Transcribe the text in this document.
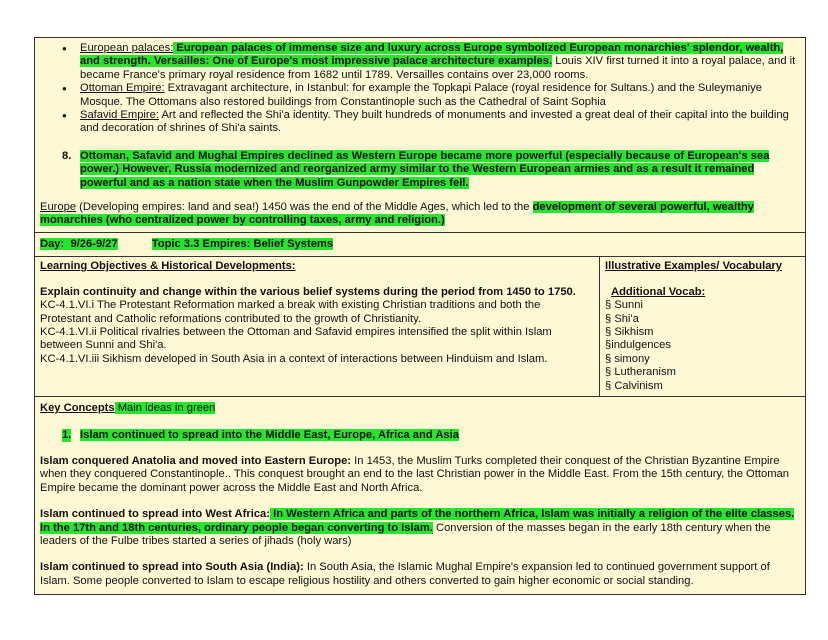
● European palaces: European palaces of immense size and luxury across Europe symbolized European monarchies' splendor, wealth, and strength. Versailles: One of Europe's most impressive palace architecture examples. Louis XIV first turned it into a royal palace, and it became France's primary royal residence from 1682 until 1789. Versailles contains over 23,000 rooms.
● Ottoman Empire: Extravagant architecture, in Istanbul: for example the Topkapi Palace (royal residence for Sultans.) and the Suleymaniye Mosque. The Ottomans also restored buildings from Constantinople such as the Cathedral of Saint Sophia
● Safavid Empire: Art and reflected the Shi'a identity. They built hundreds of monuments and invested a great deal of their capital into the building and decoration of shrines of Shi'a saints.
8. Ottoman, Safavid and Mughal Empires declined as Western Europe became more powerful (especially because of European's sea power.) However, Russia modernized and reorganized army similar to the Western European armies and as a result it remained powerful and as a nation state when the Muslim Gunpowder Empires fell.

Europe (Developing empires: land and sea!) 1450 was the end of the Middle Ages, which led to the development of several powerful, wealthy monarchies (who centralized power by controlling taxes, army and religion.)

Day:  9/26-9/27	Topic 3.3 Empires: Belief Systems

Learning Objectives & Historical Developments:

Explain continuity and change within the various belief systems during the period from 1450 to 1750.

KC-4.1.VI.i The Protestant Reformation marked a break with existing Christian traditions and both the Protestant and Catholic reformations contributed to the growth of Christianity.

KC-4.1.VI.ii Political rivalries between the Ottoman and Safavid empires intensified the split within Islam between Sunni and Shi'a.

KC-4.1.VI.iii Sikhism developed in South Asia in a context of interactions between Hinduism and Islam.

Illustrative Examples/ Vocabulary

Additional Vocab:

§ Sunni

§ Shi'a

§ Sikhism

§indulgences

§ simony

§ Lutheranism

§ Calvinism

Key Concepts Main ideas in green

1. Islam continued to spread into the Middle East, Europe, Africa and Asia

Islam conquered Anatolia and moved into Eastern Europe: In 1453, the Muslim Turks completed their conquest of the Christian Byzantine Empire when they conquered Constantinople.. This conquest brought an end to the last Christian power in the Middle East. From the 15th century, the Ottoman Empire became the dominant power across the Middle East and North Africa.

Islam continued to spread into West Africa: In Western Africa and parts of the northern Africa, Islam was initially a religion of the elite classes. In the 17th and 18th centuries, ordinary people began converting to Islam. Conversion of the masses began in the early 18th century when the leaders of the Fulbe tribes started a series of jihads (holy wars)

Islam continued to spread into South Asia (India): In South Asia, the Islamic Mughal Empire's expansion led to continued government support of Islam. Some people converted to Islam to escape religious hostility and others converted to gain higher economic or social standing.
